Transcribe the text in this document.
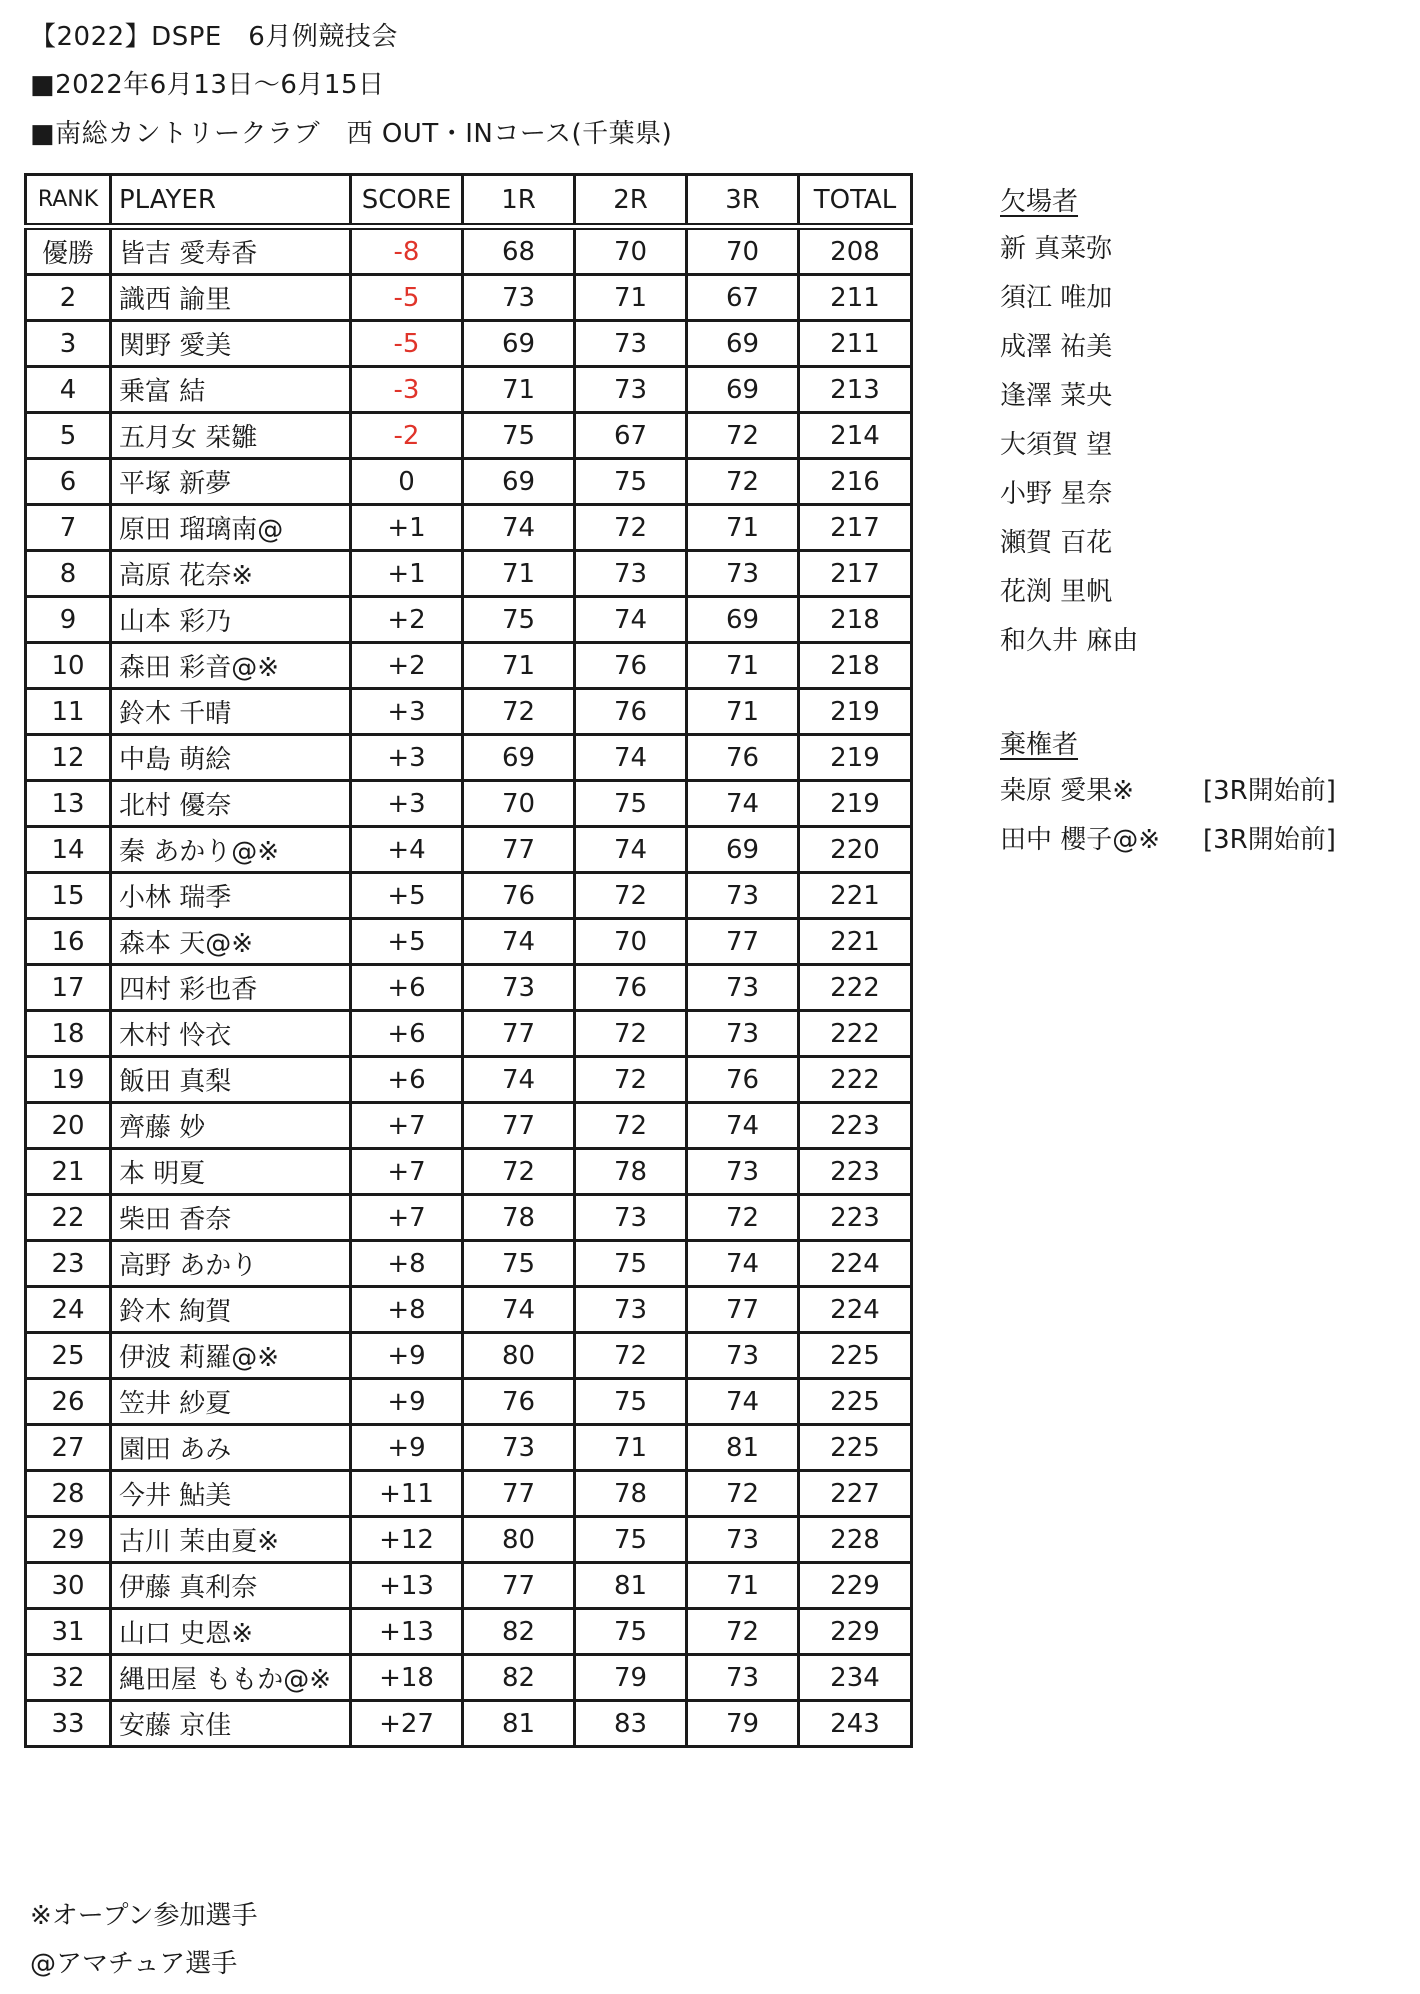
【2022】DSPE　6月例競技会
■2022年6月13日～6月15日
■南総カントリークラブ　西 OUT・INコース(千葉県)
RANK	PLAYER	SCORE	1R	2R	3R	TOTAL
優勝	皆吉 愛寿香	-8	68	70	70	208
2	識西 諭里	-5	73	71	67	211
3	関野 愛美	-5	69	73	69	211
4	乗富 結	-3	71	73	69	213
5	五月女 栞雛	-2	75	67	72	214
6	平塚 新夢	0	69	75	72	216
7	原田 瑠璃南@	+1	74	72	71	217
8	高原 花奈※	+1	71	73	73	217
9	山本 彩乃	+2	75	74	69	218
10	森田 彩音@※	+2	71	76	71	218
11	鈴木 千晴	+3	72	76	71	219
12	中島 萌絵	+3	69	74	76	219
13	北村 優奈	+3	70	75	74	219
14	秦 あかり@※	+4	77	74	69	220
15	小林 瑞季	+5	76	72	73	221
16	森本 天@※	+5	74	70	77	221
17	四村 彩也香	+6	73	76	73	222
18	木村 怜衣	+6	77	72	73	222
19	飯田 真梨	+6	74	72	76	222
20	齊藤 妙	+7	77	72	74	223
21	本 明夏	+7	72	78	73	223
22	柴田 香奈	+7	78	73	72	223
23	高野 あかり	+8	75	75	74	224
24	鈴木 絢賀	+8	74	73	77	224
25	伊波 莉羅@※	+9	80	72	73	225
26	笠井 紗夏	+9	76	75	74	225
27	園田 あみ	+9	73	71	81	225
28	今井 鮎美	+11	77	78	72	227
29	古川 茉由夏※	+12	80	75	73	228
30	伊藤 真利奈	+13	77	81	71	229
31	山口 史恩※	+13	82	75	72	229
32	縄田屋 ももか@※	+18	82	79	73	234
33	安藤 京佳	+27	81	83	79	243
欠場者
新 真菜弥
須江 唯加
成澤 祐美
逢澤 菜央
大須賀 望
小野 星奈
瀬賀 百花
花渕 里帆
和久井 麻由
棄権者
桒原 愛果※	[3R開始前]
田中 櫻子@※ [3R開始前]
※オープン参加選手
@アマチュア選手
